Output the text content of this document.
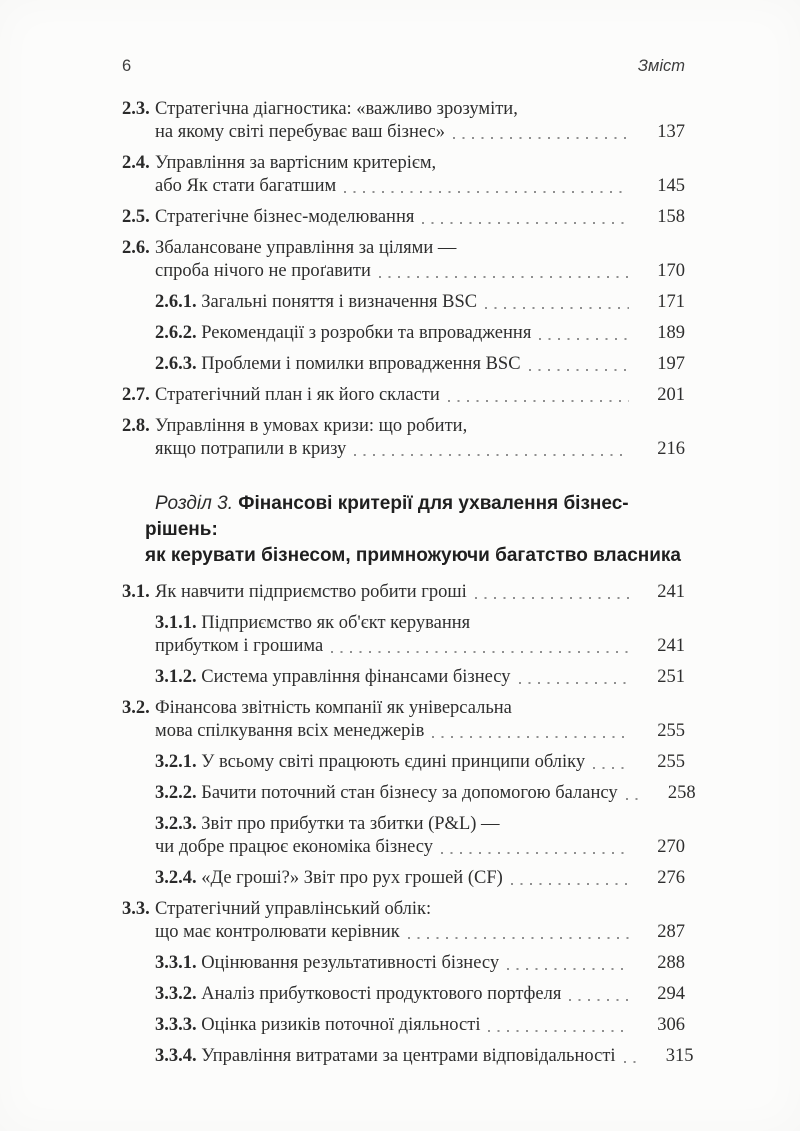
6	Зміст
2.3. Стратегічна діагностика: «важливо зрозуміти,
на якому світі перебуває ваш бізнес»	137
2.4. Управління за вартісним критерієм,
або Як стати багатшим	145
2.5. Стратегічне бізнес-моделювання	158
2.6. Збалансоване управління за цілями —
спроба нічого не проґавити	170
2.6.1. Загальні поняття і визначення BSC	171
2.6.2. Рекомендації з розробки та впровадження	189
2.6.3. Проблеми і помилки впровадження BSC	197
2.7. Стратегічний план і як його скласти	201
2.8. Управління в умовах кризи: що робити,
якщо потрапили в кризу	216
Розділ 3. Фінансові критерії для ухвалення бізнес-рішень:
як керувати бізнесом, примножуючи багатство власника
3.1. Як навчити підприємство робити гроші	241
3.1.1. Підприємство як об'єкт керування
прибутком і грошима	241
3.1.2. Система управління фінансами бізнесу	251
3.2. Фінансова звітність компанії як універсальна
мова спілкування всіх менеджерів	255
3.2.1. У всьому світі працюють єдині принципи обліку	255
3.2.2. Бачити поточний стан бізнесу за допомогою балансу	258
3.2.3. Звіт про прибутки та збитки (P&L) —
чи добре працює економіка бізнесу	270
3.2.4. «Де гроші?» Звіт про рух грошей (CF)	276
3.3. Стратегічний управлінський облік:
що має контролювати керівник	287
3.3.1. Оцінювання результативності бізнесу	288
3.3.2. Аналіз прибутковості продуктового портфеля	294
3.3.3. Оцінка ризиків поточної діяльності	306
3.3.4. Управління витратами за центрами відповідальності	315
